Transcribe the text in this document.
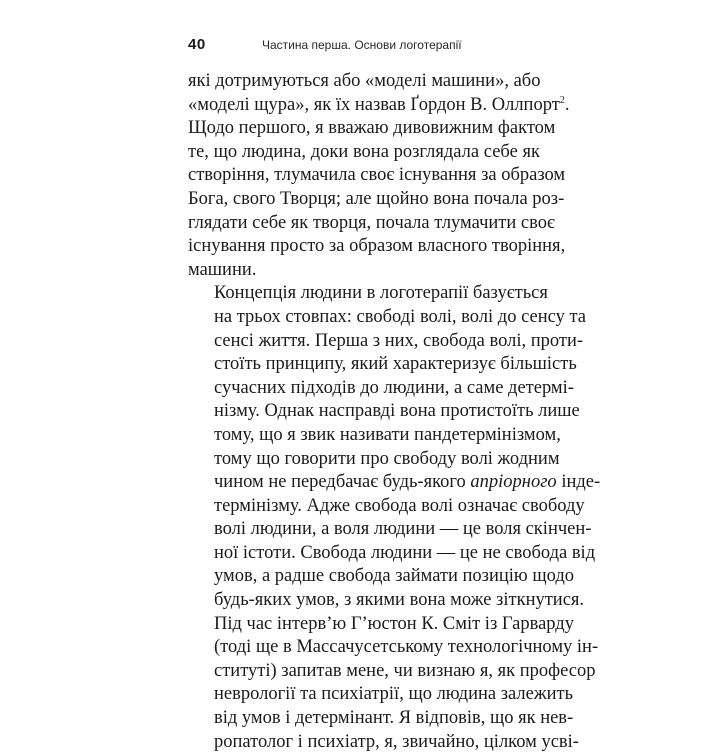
40	Частина перша. Основи логотерапії

які дотримуються або «моделі машини», або
«моделі щура», як їх назвав Ґордон В. Оллпорт$^2$.
Щодо першого, я вважаю дивовижним фактом
те, що людина, доки вона розглядала себе як
створіння, тлумачила своє існування за образом
Бога, свого Творця; але щойно вона почала роз-
глядати себе як творця, почала тлумачити своє
існування просто за образом власного творіння,
машини.

Концепція людини в логотерапії базується
на трьох стовпах: свободі волі, волі до сенсу та
сенсі життя. Перша з них, свобода волі, проти-
стоїть принципу, який характеризує більшість
сучасних підходів до людини, а саме детермі-
нізму. Однак насправді вона протистоїть лише
тому, що я звик називати пандетермінізмом,
тому що говорити про свободу волі жодним
чином не передбачає будь-якого апріорного інде-
термінізму. Адже свобода волі означає свободу
волі людини, а воля людини — це воля скінчен-
ної істоти. Свобода людини — це не свобода від
умов, а радше свобода займати позицію щодо
будь-яких умов, з якими вона може зіткнутися.

Під час інтерв’ю Г’юстон К. Сміт із Гарварду
(тоді ще в Массачусетському технологічному ін-
ституті) запитав мене, чи визнаю я, як професор
неврології та психіатрії, що людина залежить
від умов і детермінант. Я відповів, що як нев-
ропатолог і психіатр, я, звичайно, цілком усві-
